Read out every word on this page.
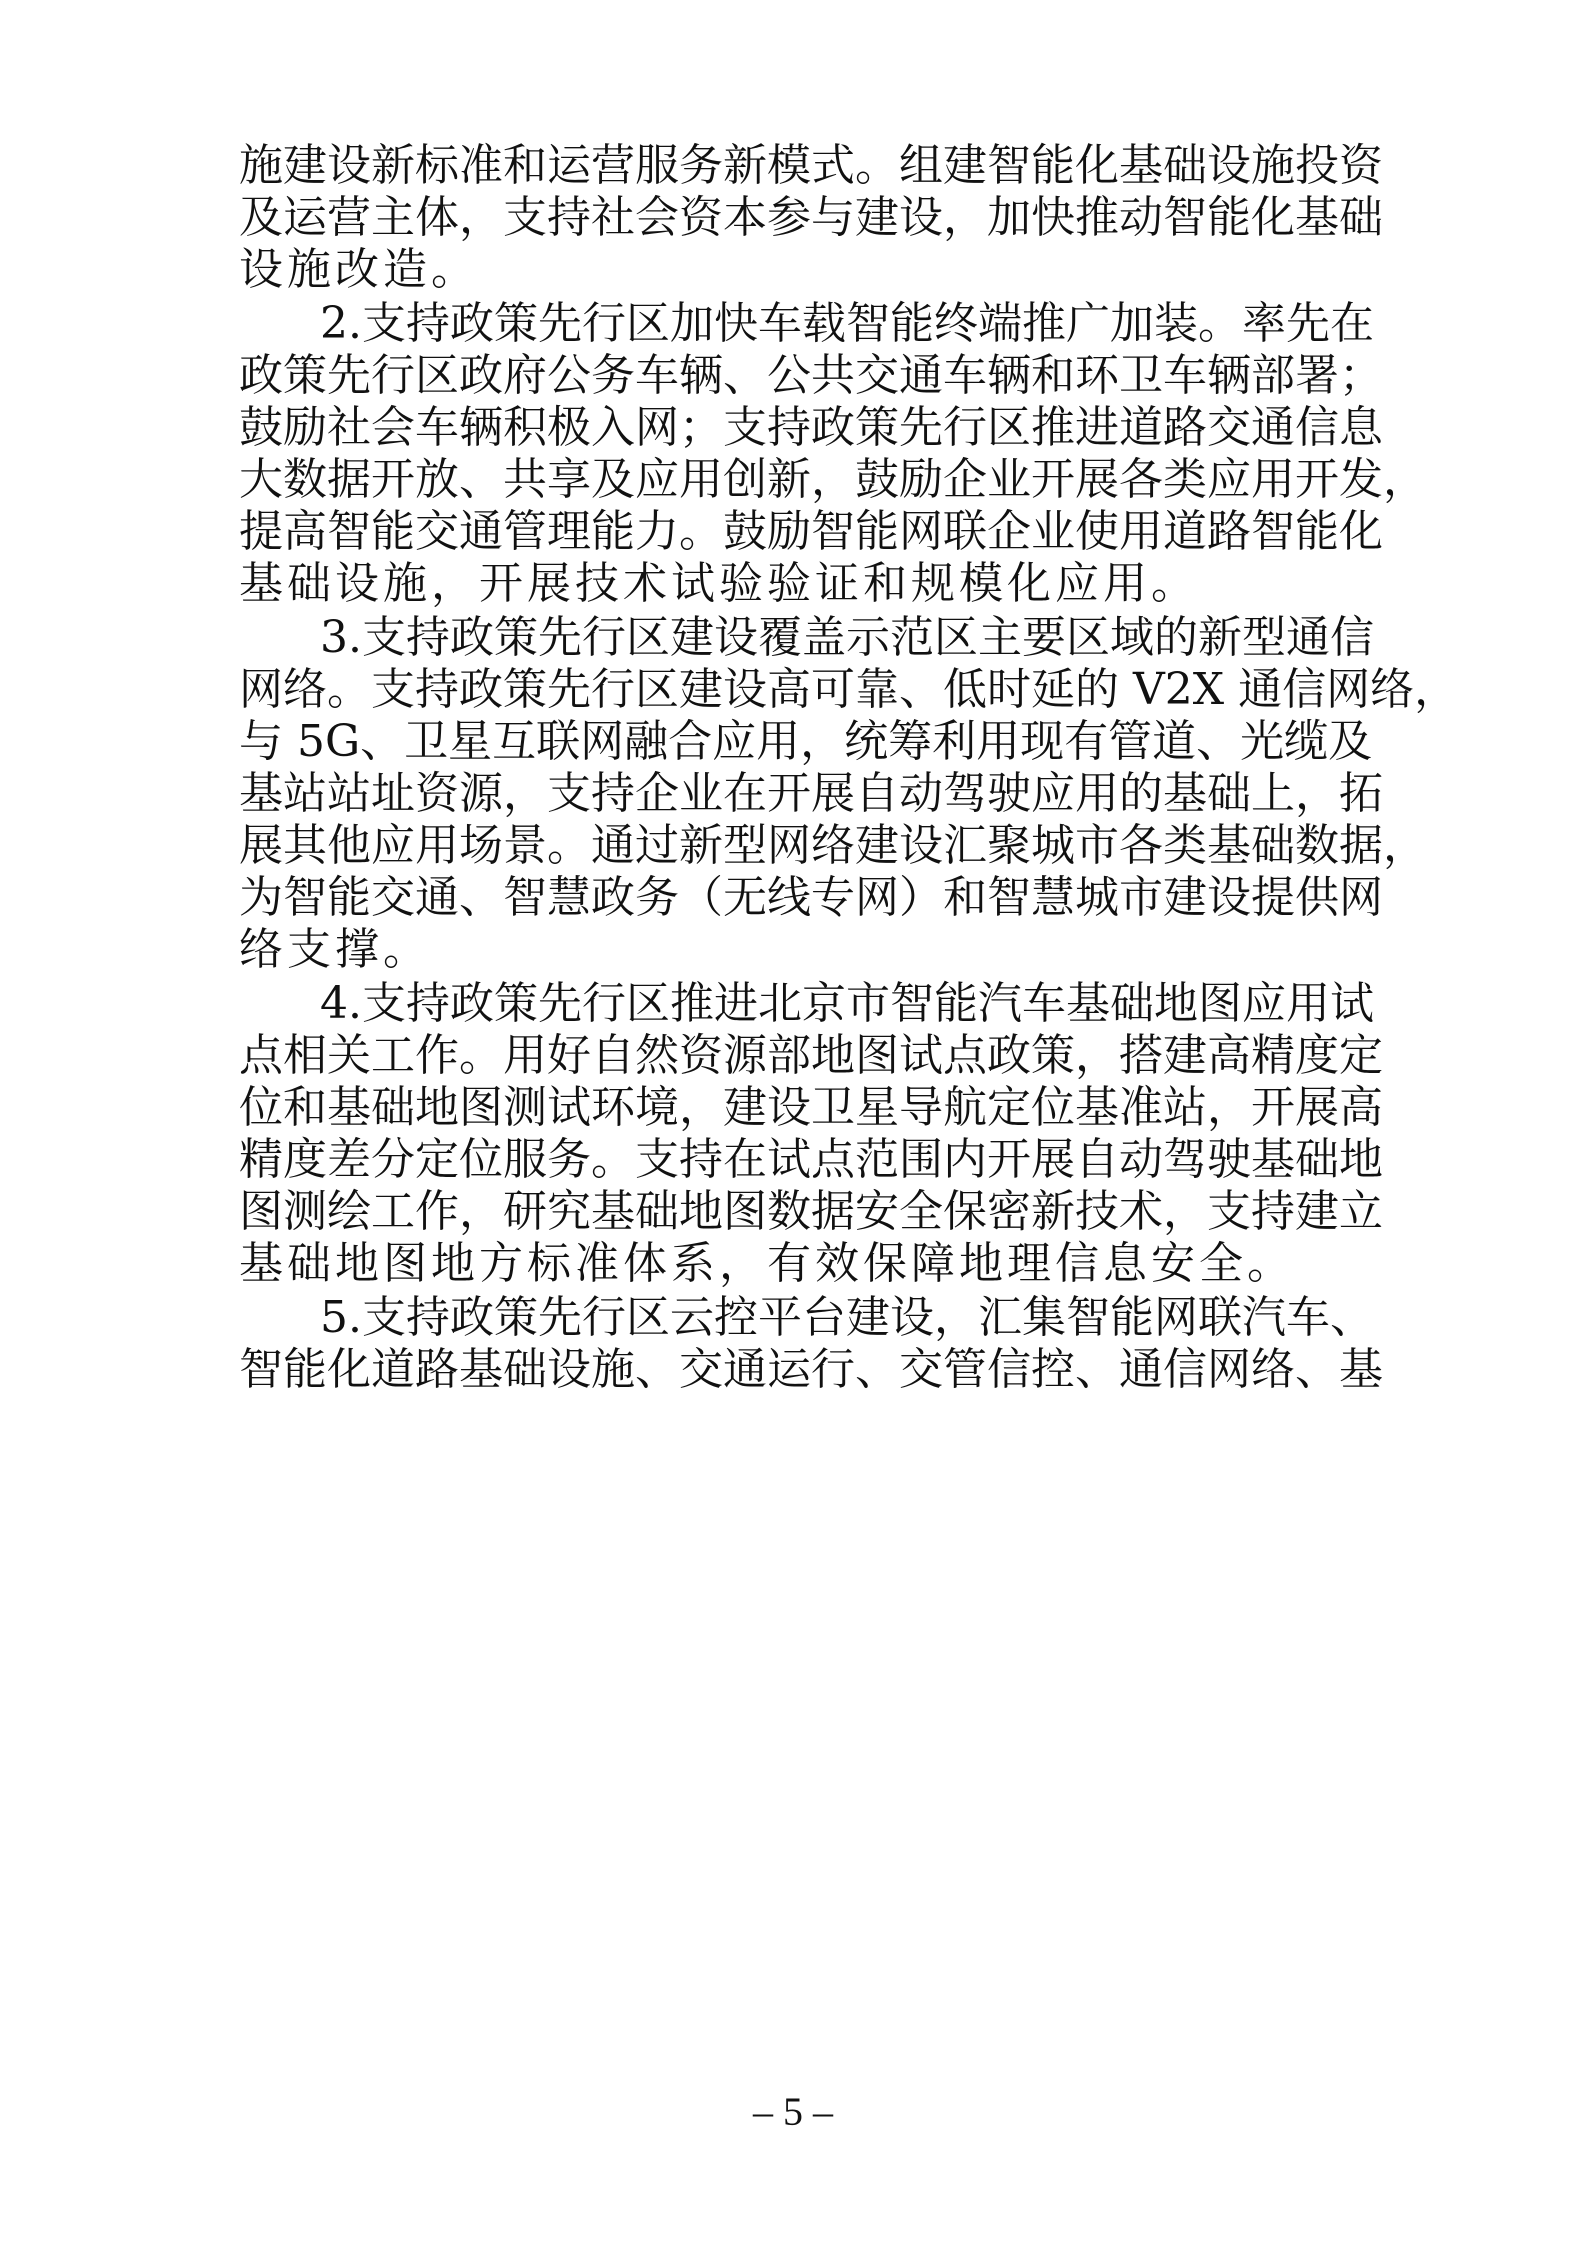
施建设新标准和运营服务新模式。组建智能化基础设施投资

及运营主体，支持社会资本参与建设，加快推动智能化基础

设施改造。

2.支持政策先行区加快车载智能终端推广加装。率先在

政策先行区政府公务车辆、公共交通车辆和环卫车辆部署；

鼓励社会车辆积极入网；支持政策先行区推进道路交通信息

大数据开放、共享及应用创新，鼓励企业开展各类应用开发，

提高智能交通管理能力。鼓励智能网联企业使用道路智能化

基础设施，开展技术试验验证和规模化应用。

3.支持政策先行区建设覆盖示范区主要区域的新型通信

网络。支持政策先行区建设高可靠、低时延的 V2X 通信网络，

与 5G、卫星互联网融合应用，统筹利用现有管道、光缆及

基站站址资源，支持企业在开展自动驾驶应用的基础上，拓

展其他应用场景。通过新型网络建设汇聚城市各类基础数据，

为智能交通、智慧政务（无线专网）和智慧城市建设提供网

络支撑。

4.支持政策先行区推进北京市智能汽车基础地图应用试

点相关工作。用好自然资源部地图试点政策，搭建高精度定

位和基础地图测试环境，建设卫星导航定位基准站，开展高

精度差分定位服务。支持在试点范围内开展自动驾驶基础地

图测绘工作，研究基础地图数据安全保密新技术，支持建立

基础地图地方标准体系，有效保障地理信息安全。

5.支持政策先行区云控平台建设，汇集智能网联汽车、

智能化道路基础设施、交通运行、交管信控、通信网络、基

– 5 –
